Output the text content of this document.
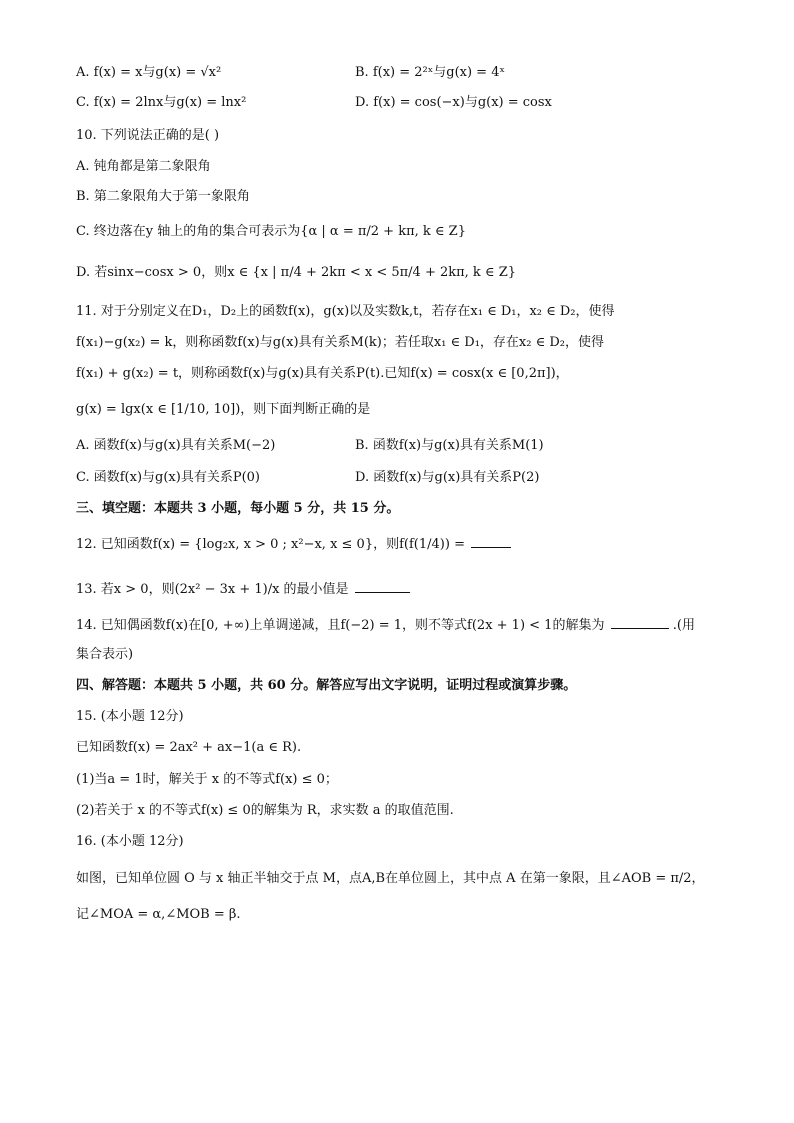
A. f(x) = x与g(x) = √x²	B. f(x) = 2²ˣ与g(x) = 4ˣ
C. f(x) = 2lnx与g(x) = lnx²	D. f(x) = cos(−x)与g(x) = cosx
10. 下列说法正确的是( )
A. 钝角都是第二象限角
B. 第二象限角大于第一象限角
C. 终边落在y 轴上的角的集合可表示为{α | α = π/2 + kπ, k ∈ Z}
D. 若sinx−cosx > 0，则x ∈ {x | π/4 + 2kπ < x < 5π/4 + 2kπ, k ∈ Z}
11. 对于分别定义在D₁，D₂上的函数f(x)，g(x)以及实数k,t，若存在x₁ ∈ D₁，x₂ ∈ D₂，使得
f(x₁)−g(x₂) = k，则称函数f(x)与g(x)具有关系M(k)；若任取x₁ ∈ D₁，存在x₂ ∈ D₂，使得
f(x₁) + g(x₂) = t，则称函数f(x)与g(x)具有关系P(t).已知f(x) = cosx(x ∈ [0,2π])，
g(x) = lgx(x ∈ [1/10, 10])，则下面判断正确的是
A. 函数f(x)与g(x)具有关系M(−2)	B. 函数f(x)与g(x)具有关系M(1)
C. 函数f(x)与g(x)具有关系P(0)	D. 函数f(x)与g(x)具有关系P(2)
三、填空题：本题共 3 小题，每小题 5 分，共 15 分。
12. 已知函数f(x) = {log₂x, x > 0 ; x²−x, x ≤ 0}，则f(f(1/4)) =
13. 若x > 0，则(2x² − 3x + 1)/x 的最小值是
14. 已知偶函数f(x)在[0, +∞)上单调递减，且f(−2) = 1，则不等式f(2x + 1) < 1的解集为	.(用
集合表示)
四、解答题：本题共 5 小题，共 60 分。解答应写出文字说明，证明过程或演算步骤。
15. (本小题 12分)
已知函数f(x) = 2ax² + ax−1(a ∈ R).
(1)当a = 1时，解关于 x 的不等式f(x) ≤ 0；
(2)若关于 x 的不等式f(x) ≤ 0的解集为 R，求实数 a 的取值范围.
16. (本小题 12分)
如图，已知单位圆 O 与 x 轴正半轴交于点 M，点A,B在单位圆上，其中点 A 在第一象限，且∠AOB = π/2，
记∠MOA = α,∠MOB = β.
